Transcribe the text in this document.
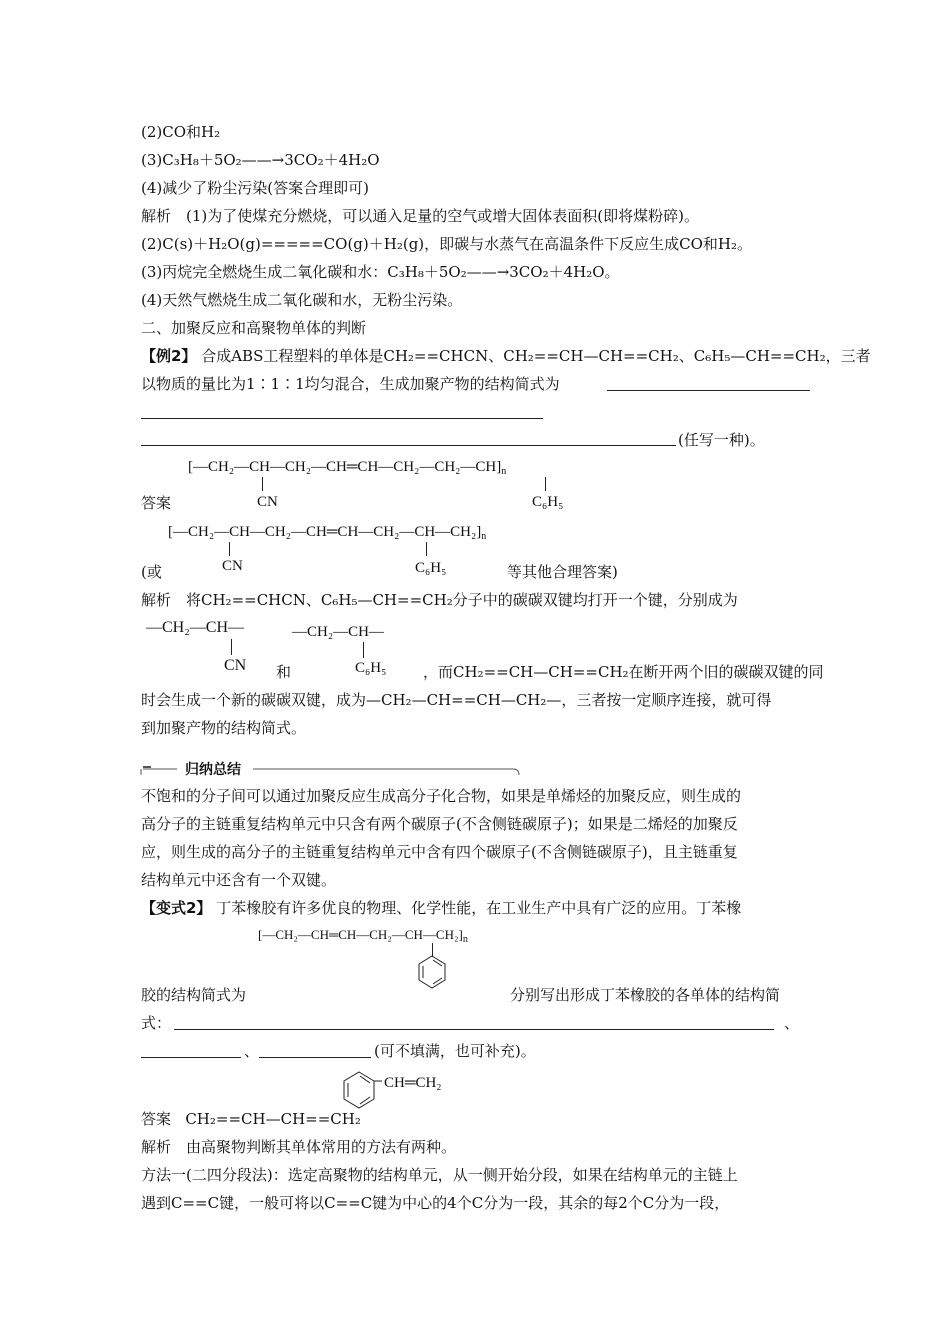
(2)CO和H₂
(3)C₃H₈＋5O₂——→3CO₂＋4H₂O
(4)减少了粉尘污染(答案合理即可)
解析　(1)为了使煤充分燃烧，可以通入足量的空气或增大固体表面积(即将煤粉碎)。
(2)C(s)＋H₂O(g)=====CO(g)＋H₂(g)，即碳与水蒸气在高温条件下反应生成CO和H₂。
(3)丙烷完全燃烧生成二氧化碳和水：C₃H₈＋5O₂——→3CO₂＋4H₂O。
(4)天然气燃烧生成二氧化碳和水，无粉尘污染。
二、加聚反应和高聚物单体的判断
【例2】 合成ABS工程塑料的单体是CH₂==CHCN、CH₂==CH—CH==CH₂、C₆H₅—CH==CH₂，三者
以物质的量比为1∶1∶1均匀混合，生成加聚产物的结构简式为
(任写一种)。
答案
$[—CH_2—CH—CH_2—CH═CH—CH_2—CH_2—CH]_n$
CN	C₆H₅
$[—CH_2—CH—CH_2—CH═CH—CH_2—CH—CH_2]_n$
CN	C₆H₅
(或	等其他合理答案)
解析　将CH₂==CHCN、C₆H₅—CH==CH₂分子中的碳碳双键均打开一个键，分别成为
—CH₂—CH—
CN
—CH₂—CH—
C₆H₅
和	，而CH₂==CH—CH==CH₂在断开两个旧的碳碳双键的同
时会生成一个新的碳碳双键，成为—CH₂—CH==CH—CH₂—，三者按一定顺序连接，就可得
到加聚产物的结构简式。
归纳总结
不饱和的分子间可以通过加聚反应生成高分子化合物，如果是单烯烃的加聚反应，则生成的
高分子的主链重复结构单元中只含有两个碳原子(不含侧链碳原子)；如果是二烯烃的加聚反
应，则生成的高分子的主链重复结构单元中含有四个碳原子(不含侧链碳原子)，且主链重复
结构单元中还含有一个双键。
【变式2】 丁苯橡胶有许多优良的物理、化学性能，在工业生产中具有广泛的应用。丁苯橡
$[—CH_2—CH═CH—CH_2—CH—CH_2]_n$
胶的结构简式为	分别写出形成丁苯橡胶的各单体的结构简
式：	、
、	(可不填满，也可补充)。
答案 CH₂==CH—CH==CH₂
CH═CH₂
解析　由高聚物判断其单体常用的方法有两种。
方法一(二四分段法)：选定高聚物的结构单元，从一侧开始分段，如果在结构单元的主链上
遇到C==C键，一般可将以C==C键为中心的4个C分为一段，其余的每2个C分为一段，
